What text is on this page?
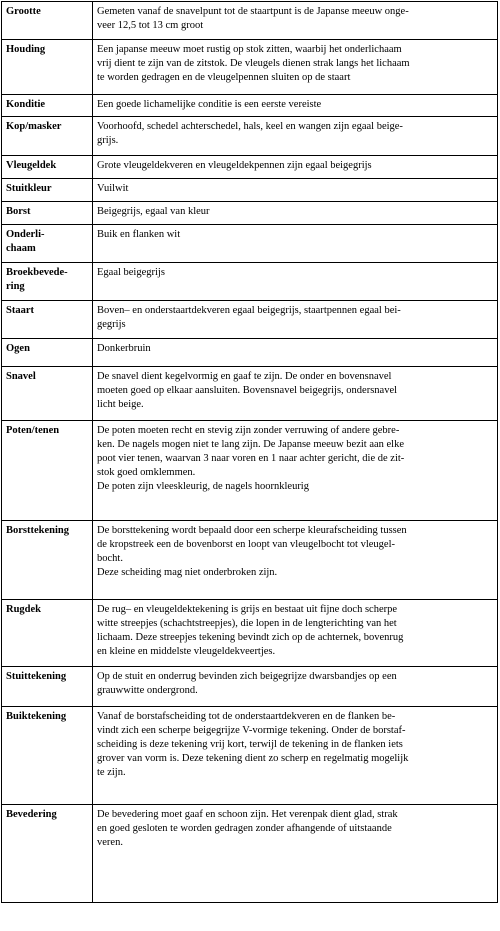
Grootte	Gemeten vanaf de snavelpunt tot de staartpunt is de Japanse meeuw onge-
veer 12,5 tot 13 cm groot

Houding	Een japanse meeuw moet rustig op stok zitten, waarbij het onderlichaam
vrij dient te zijn van de zitstok. De vleugels dienen strak langs het lichaam
te worden gedragen en de vleugelpennen sluiten op de staart

Konditie	Een goede lichamelijke conditie is een eerste vereiste

Kop/masker	Voorhoofd, schedel achterschedel, hals, keel en wangen zijn egaal beige-
grijs.

Vleugeldek	Grote vleugeldekveren en vleugeldekpennen zijn egaal beigegrijs

Stuitkleur	Vuilwit

Borst	Beigegrijs, egaal van kleur

Onderli-
chaam	Buik en flanken wit

Broekbevede-
ring	Egaal beigegrijs

Staart	Boven– en onderstaartdekveren egaal beigegrijs, staartpennen egaal bei-
gegrijs

Ogen	Donkerbruin

Snavel	De snavel dient kegelvormig en gaaf te zijn. De onder en bovensnavel
moeten goed op elkaar aansluiten. Bovensnavel beigegrijs, ondersnavel
licht beige.

Poten/tenen	De poten moeten recht en stevig zijn zonder verruwing of andere gebre-
ken. De nagels mogen niet te lang zijn. De Japanse meeuw bezit aan elke
poot vier tenen, waarvan 3 naar voren en 1 naar achter gericht, die de zit-
stok goed omklemmen.
De poten zijn vleeskleurig, de nagels hoornkleurig

Borsttekening	De borsttekening wordt bepaald door een scherpe kleurafscheiding tussen
de kropstreek een de bovenborst en loopt van vleugelbocht tot vleugel-
bocht.
Deze scheiding mag niet onderbroken zijn.

Rugdek	De rug– en vleugeldektekening is grijs en bestaat uit fijne doch scherpe
witte streepjes (schachtstreepjes), die lopen in de lengterichting van het
lichaam. Deze streepjes tekening bevindt zich op de achternek, bovenrug
en kleine en middelste vleugeldekveertjes.

Stuittekening	Op de stuit en onderrug bevinden zich beigegrijze dwarsbandjes op een
grauwwitte ondergrond.

Buiktekening	Vanaf de borstafscheiding tot de onderstaartdekveren en de flanken be-
vindt zich een scherpe beigegrijze V-vormige tekening. Onder de borstaf-
scheiding is deze tekening vrij kort, terwijl de tekening in de flanken iets
grover van vorm is. Deze tekening dient zo scherp en regelmatig mogelijk
te zijn.

Bevedering	De bevedering moet gaaf en schoon zijn. Het verenpak dient glad, strak
en goed gesloten te worden gedragen zonder afhangende of uitstaande
veren.
